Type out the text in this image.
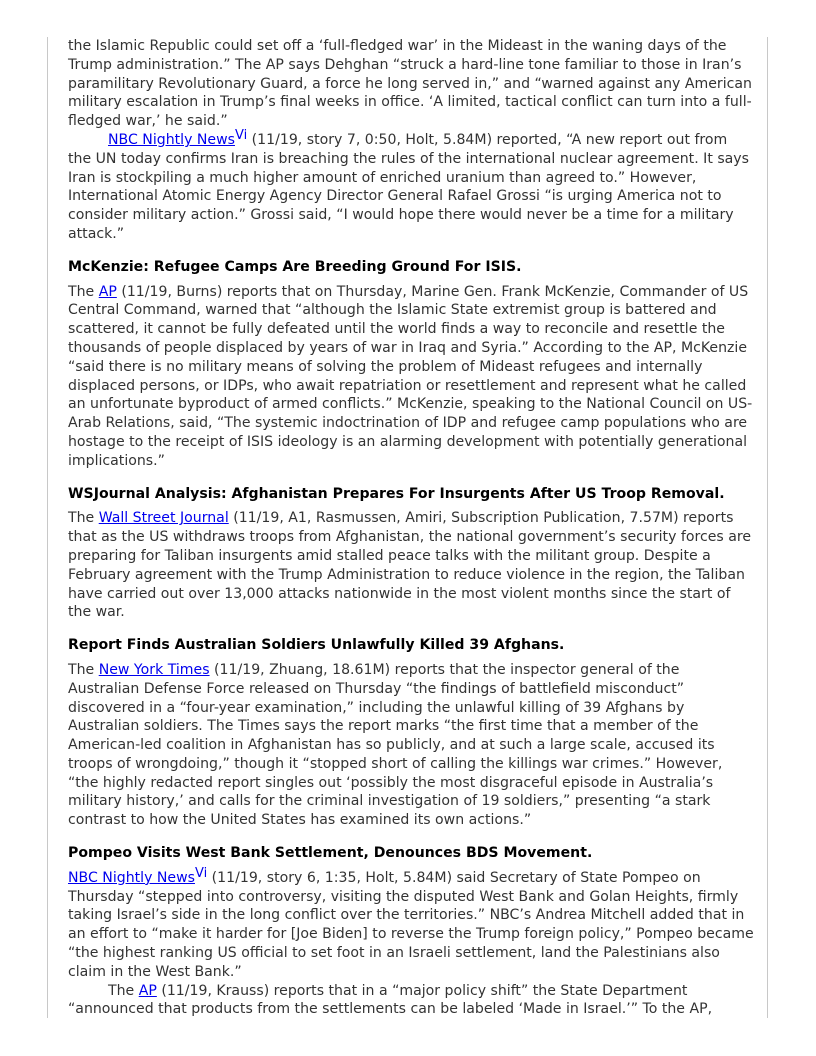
the Islamic Republic could set off a ‘full-fledged war’ in the Mideast in the waning days of the Trump administration.” The AP says Dehghan “struck a hard-line tone familiar to those in Iran’s paramilitary Revolutionary Guard, a force he long served in,” and “warned against any American military escalation in Trump’s final weeks in office. ‘A limited, tactical conflict can turn into a full-fledged war,’ he said.”

NBC Nightly News$^{Vi}$ (11/19, story 7, 0:50, Holt, 5.84M) reported, “A new report out from the UN today confirms Iran is breaching the rules of the international nuclear agreement. It says Iran is stockpiling a much higher amount of enriched uranium than agreed to.” However, International Atomic Energy Agency Director General Rafael Grossi “is urging America not to consider military action.” Grossi said, “I would hope there would never be a time for a military attack.”

McKenzie: Refugee Camps Are Breeding Ground For ISIS.

The AP (11/19, Burns) reports that on Thursday, Marine Gen. Frank McKenzie, Commander of US Central Command, warned that “although the Islamic State extremist group is battered and scattered, it cannot be fully defeated until the world finds a way to reconcile and resettle the thousands of people displaced by years of war in Iraq and Syria.” According to the AP, McKenzie “said there is no military means of solving the problem of Mideast refugees and internally displaced persons, or IDPs, who await repatriation or resettlement and represent what he called an unfortunate byproduct of armed conflicts.” McKenzie, speaking to the National Council on US-Arab Relations, said, “The systemic indoctrination of IDP and refugee camp populations who are hostage to the receipt of ISIS ideology is an alarming development with potentially generational implications.”

WSJournal Analysis: Afghanistan Prepares For Insurgents After US Troop Removal.

The Wall Street Journal (11/19, A1, Rasmussen, Amiri, Subscription Publication, 7.57M) reports that as the US withdraws troops from Afghanistan, the national government’s security forces are preparing for Taliban insurgents amid stalled peace talks with the militant group. Despite a February agreement with the Trump Administration to reduce violence in the region, the Taliban have carried out over 13,000 attacks nationwide in the most violent months since the start of the war.

Report Finds Australian Soldiers Unlawfully Killed 39 Afghans.

The New York Times (11/19, Zhuang, 18.61M) reports that the inspector general of the Australian Defense Force released on Thursday “the findings of battlefield misconduct” discovered in a “four-year examination,” including the unlawful killing of 39 Afghans by Australian soldiers. The Times says the report marks “the first time that a member of the American-led coalition in Afghanistan has so publicly, and at such a large scale, accused its troops of wrongdoing,” though it “stopped short of calling the killings war crimes.” However, “the highly redacted report singles out ‘possibly the most disgraceful episode in Australia’s military history,’ and calls for the criminal investigation of 19 soldiers,” presenting “a stark contrast to how the United States has examined its own actions.”

Pompeo Visits West Bank Settlement, Denounces BDS Movement.

NBC Nightly News$^{Vi}$ (11/19, story 6, 1:35, Holt, 5.84M) said Secretary of State Pompeo on Thursday “stepped into controversy, visiting the disputed West Bank and Golan Heights, firmly taking Israel’s side in the long conflict over the territories.” NBC’s Andrea Mitchell added that in an effort to “make it harder for [Joe Biden] to reverse the Trump foreign policy,” Pompeo became “the highest ranking US official to set foot in an Israeli settlement, land the Palestinians also claim in the West Bank.”

The AP (11/19, Krauss) reports that in a “major policy shift” the State Department “announced that products from the settlements can be labeled ‘Made in Israel.’” To the AP,
